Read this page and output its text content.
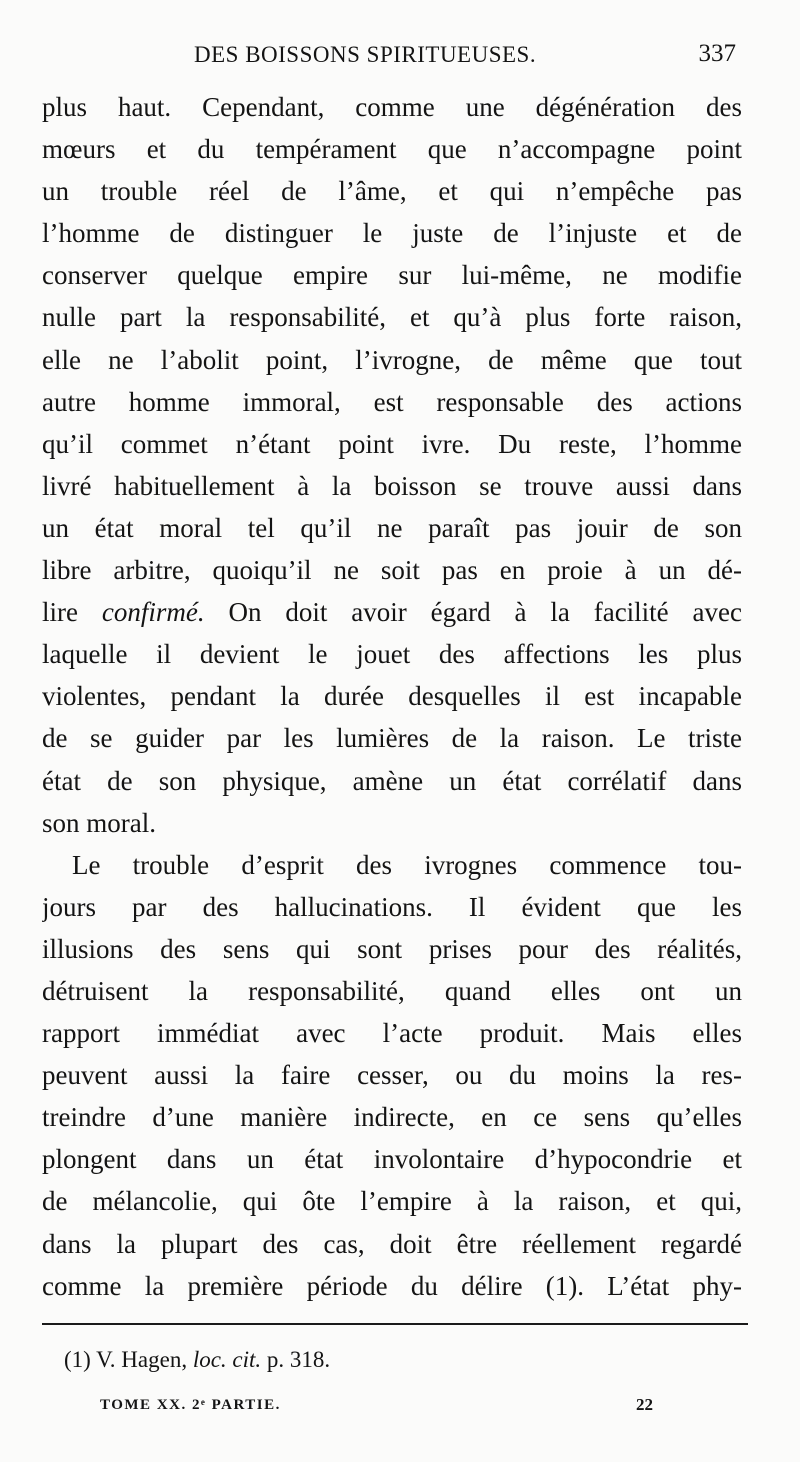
DES BOISSONS SPIRITUEUSES.	337
plus haut. Cependant, comme une dégénération des
mœurs et du tempérament que n’accompagne point
un trouble réel de l’âme, et qui n’empêche pas
l’homme de distinguer le juste de l’injuste et de
conserver quelque empire sur lui-même, ne modifie
nulle part la responsabilité, et qu’à plus forte raison,
elle ne l’abolit point, l’ivrogne, de même que tout
autre homme immoral, est responsable des actions
qu’il commet n’étant point ivre. Du reste, l’homme
livré habituellement à la boisson se trouve aussi dans
un état moral tel qu’il ne paraît pas jouir de son
libre arbitre, quoiqu’il ne soit pas en proie à un dé-
lire confirmé. On doit avoir égard à la facilité avec
laquelle il devient le jouet des affections les plus
violentes, pendant la durée desquelles il est incapable
de se guider par les lumières de la raison. Le triste
état de son physique, amène un état corrélatif dans
son moral.
Le trouble d’esprit des ivrognes commence tou-
jours par des hallucinations. Il évident que les
illusions des sens qui sont prises pour des réalités,
détruisent la responsabilité, quand elles ont un
rapport immédiat avec l’acte produit. Mais elles
peuvent aussi la faire cesser, ou du moins la res-
treindre d’une manière indirecte, en ce sens qu’elles
plongent dans un état involontaire d’hypocondrie et
de mélancolie, qui ôte l’empire à la raison, et qui,
dans la plupart des cas, doit être réellement regardé
comme la première période du délire (1). L’état phy-
(1) V. Hagen, loc. cit. p. 318.
TOME XX. 2ᵉ PARTIE.	22
